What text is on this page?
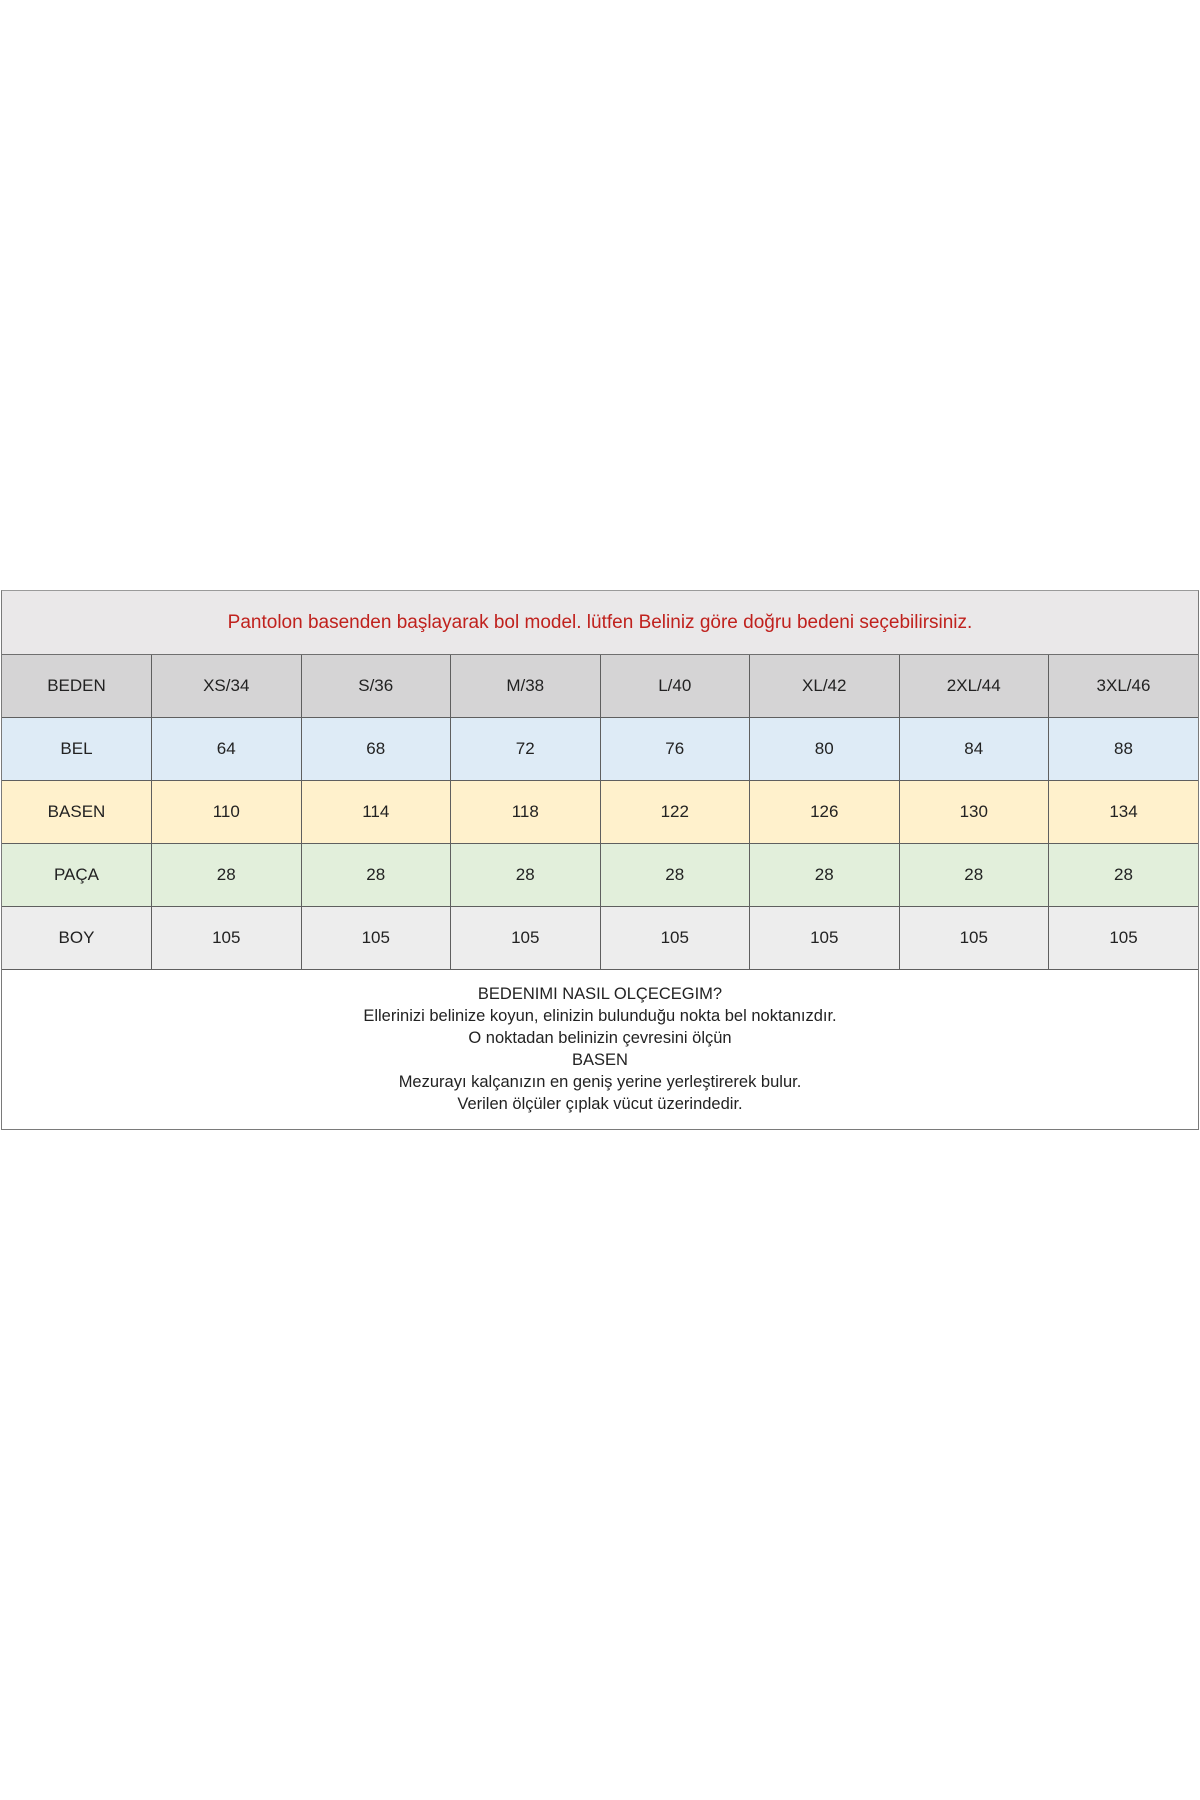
Pantolon basenden başlayarak bol model. lütfen Beliniz göre doğru bedeni seçebilirsiniz.
BEDEN	XS/34	S/36	M/38	L/40	XL/42	2XL/44	3XL/46
BEL	64	68	72	76	80	84	88
BASEN	110	114	118	122	126	130	134
PAÇA	28	28	28	28	28	28	28
BOY	105	105	105	105	105	105	105
BEDENIMI NASIL OLÇECEGIM?
Ellerinizi belinize koyun, elinizin bulunduğu nokta bel noktanızdır.
O noktadan belinizin çevresini ölçün
BASEN
Mezurayı kalçanızın en geniş yerine yerleştirerek bulur.
Verilen ölçüler çıplak vücut üzerindedir.
